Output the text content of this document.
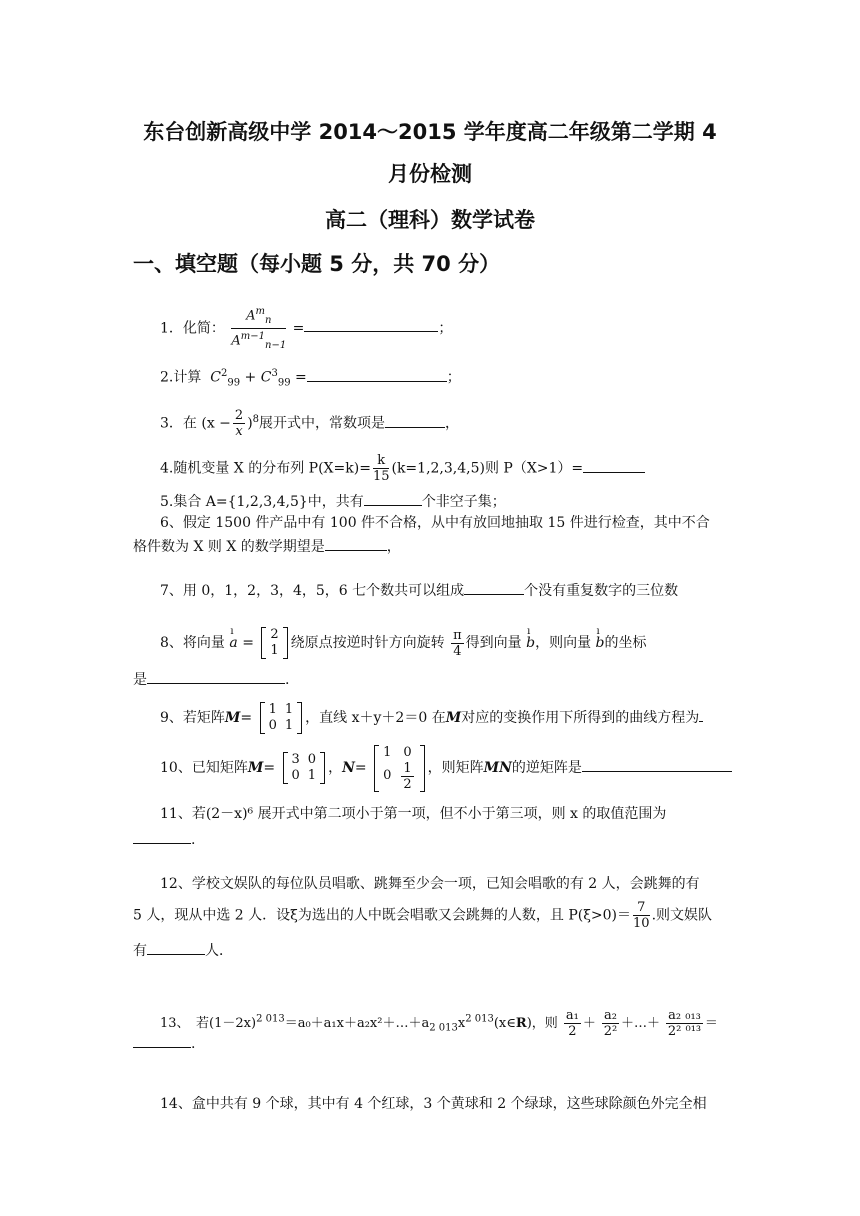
东台创新高级中学 2014～2015 学年度高二年级第二学期 4
月份检测
高二（理科）数学试卷
一、填空题（每小题 5 分，共 70 分）
1．化简： $\frac{A^m_n}{A^{m-1}_{n-1}}$ =	；
2.计算 $C^2_{99} + C^3_{99}$ =	；
3．在 $(x - \frac{2}{x} )^8$展开式中，常数项是	，
4.随机变量 X 的分布列 $P(X=k)= \frac{k}{15} (k=1,2,3,4,5)$则 P（X>1）=
5.集合 A={1,2,3,4,5}中，共有	个非空子集；
6、假定 1500 件产品中有 100 件不合格，从中有放回地抽取 15 件进行检查，其中不合
格件数为 X 则 X 的数学期望是	，
7、用 0，1，2，3，4，5，6 七个数共可以组成	个没有重复数字的三位数
8、将向量 ı a =
2
1 绕原点按逆时针方向旋转 $\frac{\pi}{4}$ 得到向量 ı b，则向量 ı b的坐标
是	.
9、若矩阵M=
1	1
0	1 ，直线 x＋y＋2＝0 在M对应的变换作用下所得到的曲线方程为
10、已知矩阵M=
3	0
0	1 ，N=
1	0
0	$\frac{1}{2}$ ，则矩阵MN的逆矩阵是
11、若(2－x)⁶ 展开式中第二项小于第一项，但不小于第三项，则 x 的取值范围为
.
12、学校文娱队的每位队员唱歌、跳舞至少会一项，已知会唱歌的有 2 人，会跳舞的有
5 人，现从中选 2 人．设ξ为选出的人中既会唱歌又会跳舞的人数，且 $P(\xi>0)= \frac{7}{10}$ .则文娱队
有	人．
13、　若$(1-2x)^{2 013}=a_0+a_1x+a_2x^2+\dots+a_{2 013}x^{2 013}(x\in R)$，则 $\frac{\text{a₁}}{2} + \frac{\text{a₂}}{\text{2²}}$ ＋…＋ $\frac{\text{a₂ ₀₁₃}}{\text{2² ⁰¹³}}$ ＝
.
14、盒中共有 9 个球，其中有 4 个红球，3 个黄球和 2 个绿球，这些球除颜色外完全相
